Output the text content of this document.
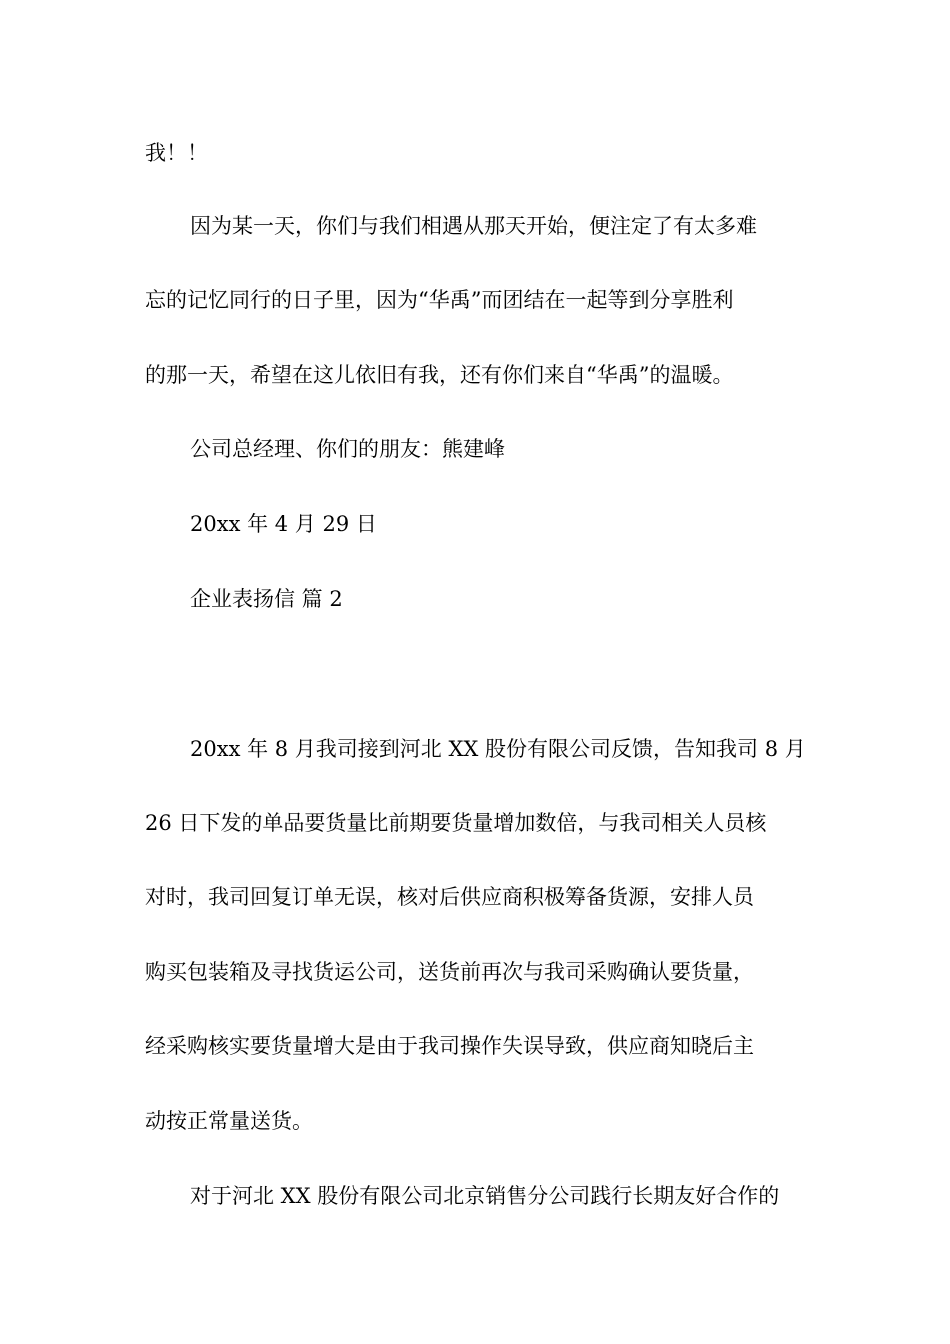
我！！
因为某一天，你们与我们相遇从那天开始，便注定了有太多难
忘的记忆同行的日子里，因为“华禹”而团结在一起等到分享胜利
的那一天，希望在这儿依旧有我，还有你们来自“华禹”的温暖。
公司总经理、你们的朋友：熊建峰
20xx 年 4 月 29 日
企业表扬信 篇 2
20xx 年 8 月我司接到河北 XX 股份有限公司反馈，告知我司 8 月
26 日下发的单品要货量比前期要货量增加数倍，与我司相关人员核
对时，我司回复订单无误，核对后供应商积极筹备货源，安排人员
购买包装箱及寻找货运公司，送货前再次与我司采购确认要货量，
经采购核实要货量增大是由于我司操作失误导致，供应商知晓后主
动按正常量送货。
对于河北 XX 股份有限公司北京销售分公司践行长期友好合作的
